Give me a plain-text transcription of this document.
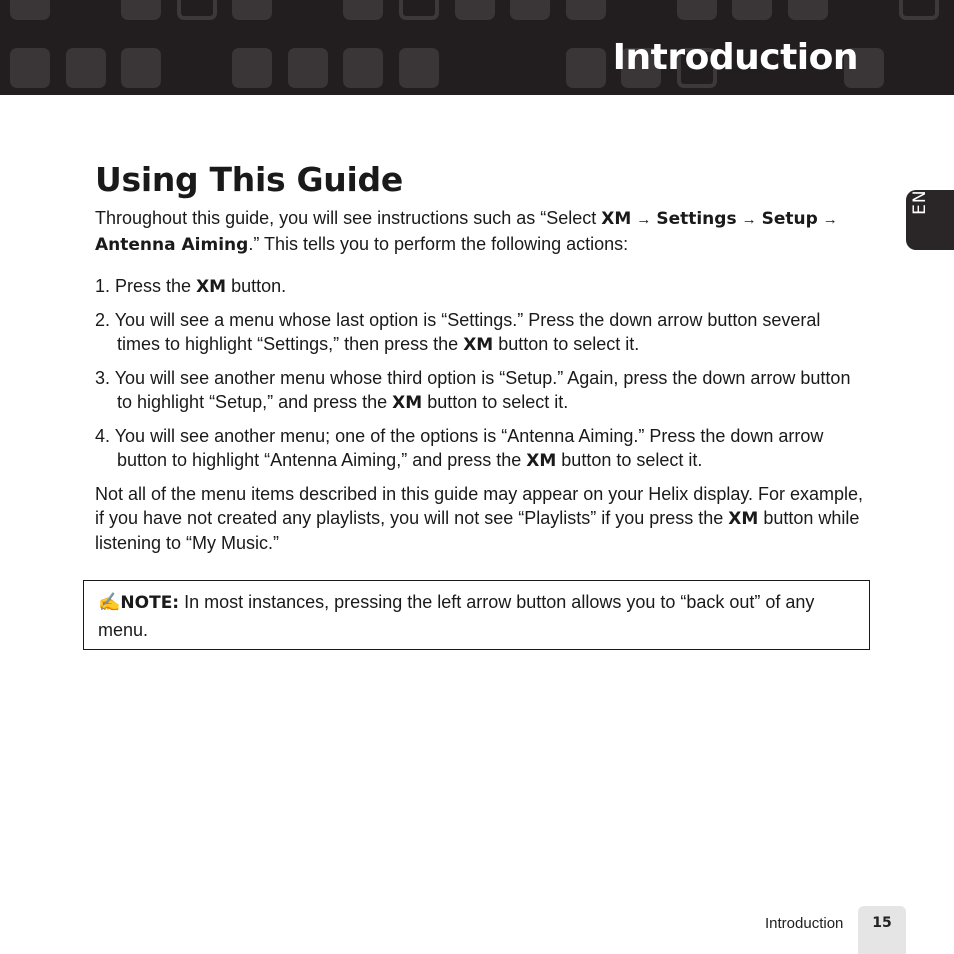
Introduction
ENG
Using This Guide

Throughout this guide, you will see instructions such as “Select XM → Settings → Setup → Antenna Aiming.” This tells you to perform the following actions:

1. Press the XM button.
2. You will see a menu whose last option is “Settings.” Press the down arrow button several times to highlight “Settings,” then press the XM button to select it.
3. You will see another menu whose third option is “Setup.” Again, press the down arrow button to highlight “Setup,” and press the XM button to select it.
4. You will see another menu; one of the options is “Antenna Aiming.” Press the down arrow button to highlight “Antenna Aiming,” and press the XM button to select it.

Not all of the menu items described in this guide may appear on your Helix display. For example, if you have not created any playlists, you will not see “Playlists” if you press the XM button while listening to “My Music.”

✍NOTE: In most instances, pressing the left arrow button allows you to “back out” of any menu.
Introduction	15
